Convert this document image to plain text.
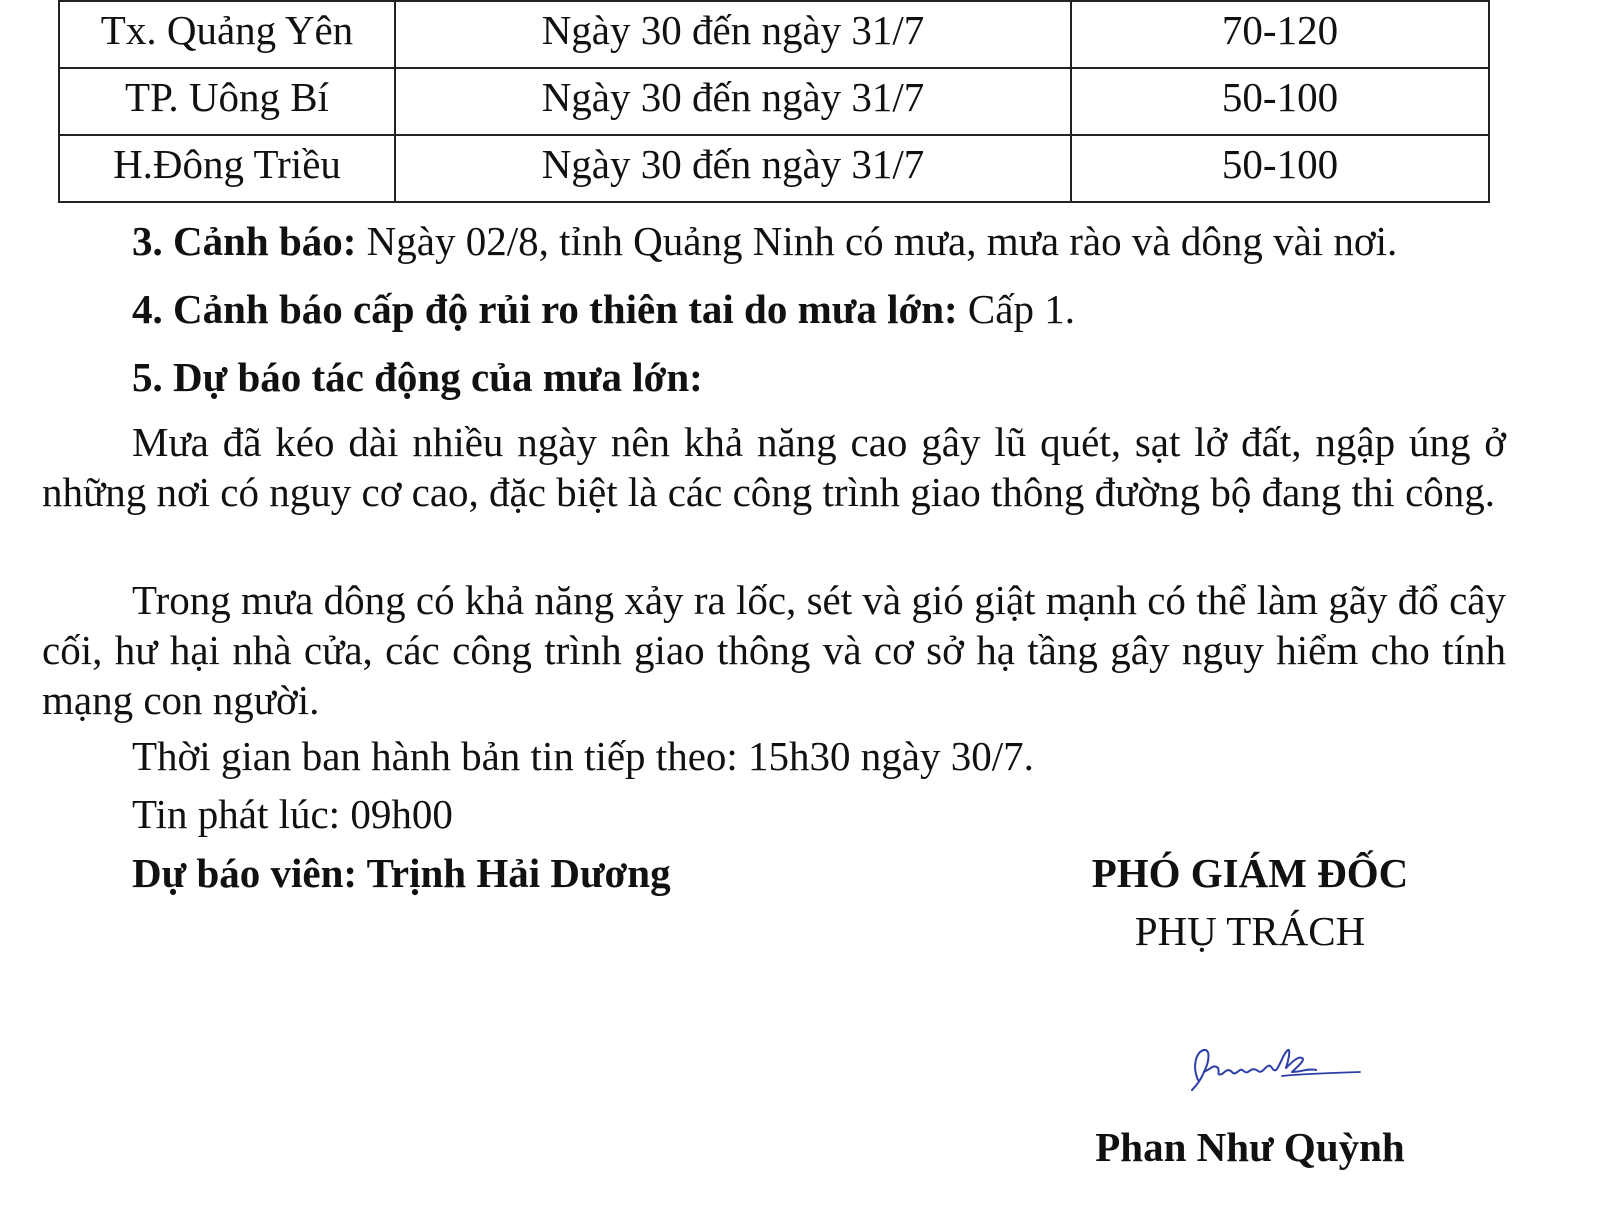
Tx. Quảng Yên	Ngày 30 đến ngày 31/7	70-120
TP. Uông Bí	Ngày 30 đến ngày 31/7	50-100
H.Đông Triều	Ngày 30 đến ngày 31/7	50-100

3. Cảnh báo: Ngày 02/8, tỉnh Quảng Ninh có mưa, mưa rào và dông vài nơi.

4. Cảnh báo cấp độ rủi ro thiên tai do mưa lớn: Cấp 1.

5. Dự báo tác động của mưa lớn:

Mưa đã kéo dài nhiều ngày nên khả năng cao gây lũ quét, sạt lở đất, ngập úng ở những nơi có nguy cơ cao, đặc biệt là các công trình giao thông đường bộ đang thi công.

Trong mưa dông có khả năng xảy ra lốc, sét và gió giật mạnh có thể làm gãy đổ cây cối, hư hại nhà cửa, các công trình giao thông và cơ sở hạ tầng gây nguy hiểm cho tính mạng con người.

Thời gian ban hành bản tin tiếp theo: 15h30 ngày 30/7.

Tin phát lúc: 09h00

Dự báo viên: Trịnh Hải Dương	PHÓ GIÁM ĐỐC
PHỤ TRÁCH
Phan Như Quỳnh
